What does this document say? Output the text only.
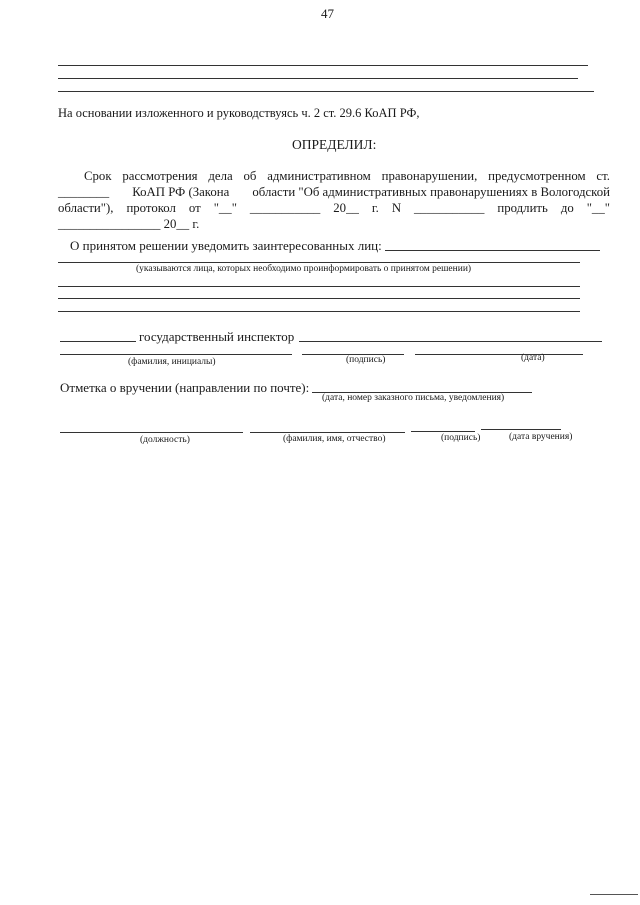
47
На основании изложенного и руководствуясь ч. 2 ст. 29.6 КоАП РФ,
ОПРЕДЕЛИЛ:
Срок рассмотрения дела об административном правонарушении, предусмотренном ст.
________ КоАП РФ (Закона области "Об административных правонарушениях в Вологодской
области"), протокол от "__" ___________ 20__ г. N ___________ продлить до "__"
________________ 20__ г.
О принятом решении уведомить заинтересованных лиц:
(указываются лица, которых необходимо проинформировать о принятом решении)
государственный инспектор
(фамилия, инициалы)	(подпись)	(дата)
Отметка о вручении (направлении по почте):
(дата, номер заказного письма, уведомления)
(должность)	(фамилия, имя, отчество)	(подпись)	(дата вручения)
